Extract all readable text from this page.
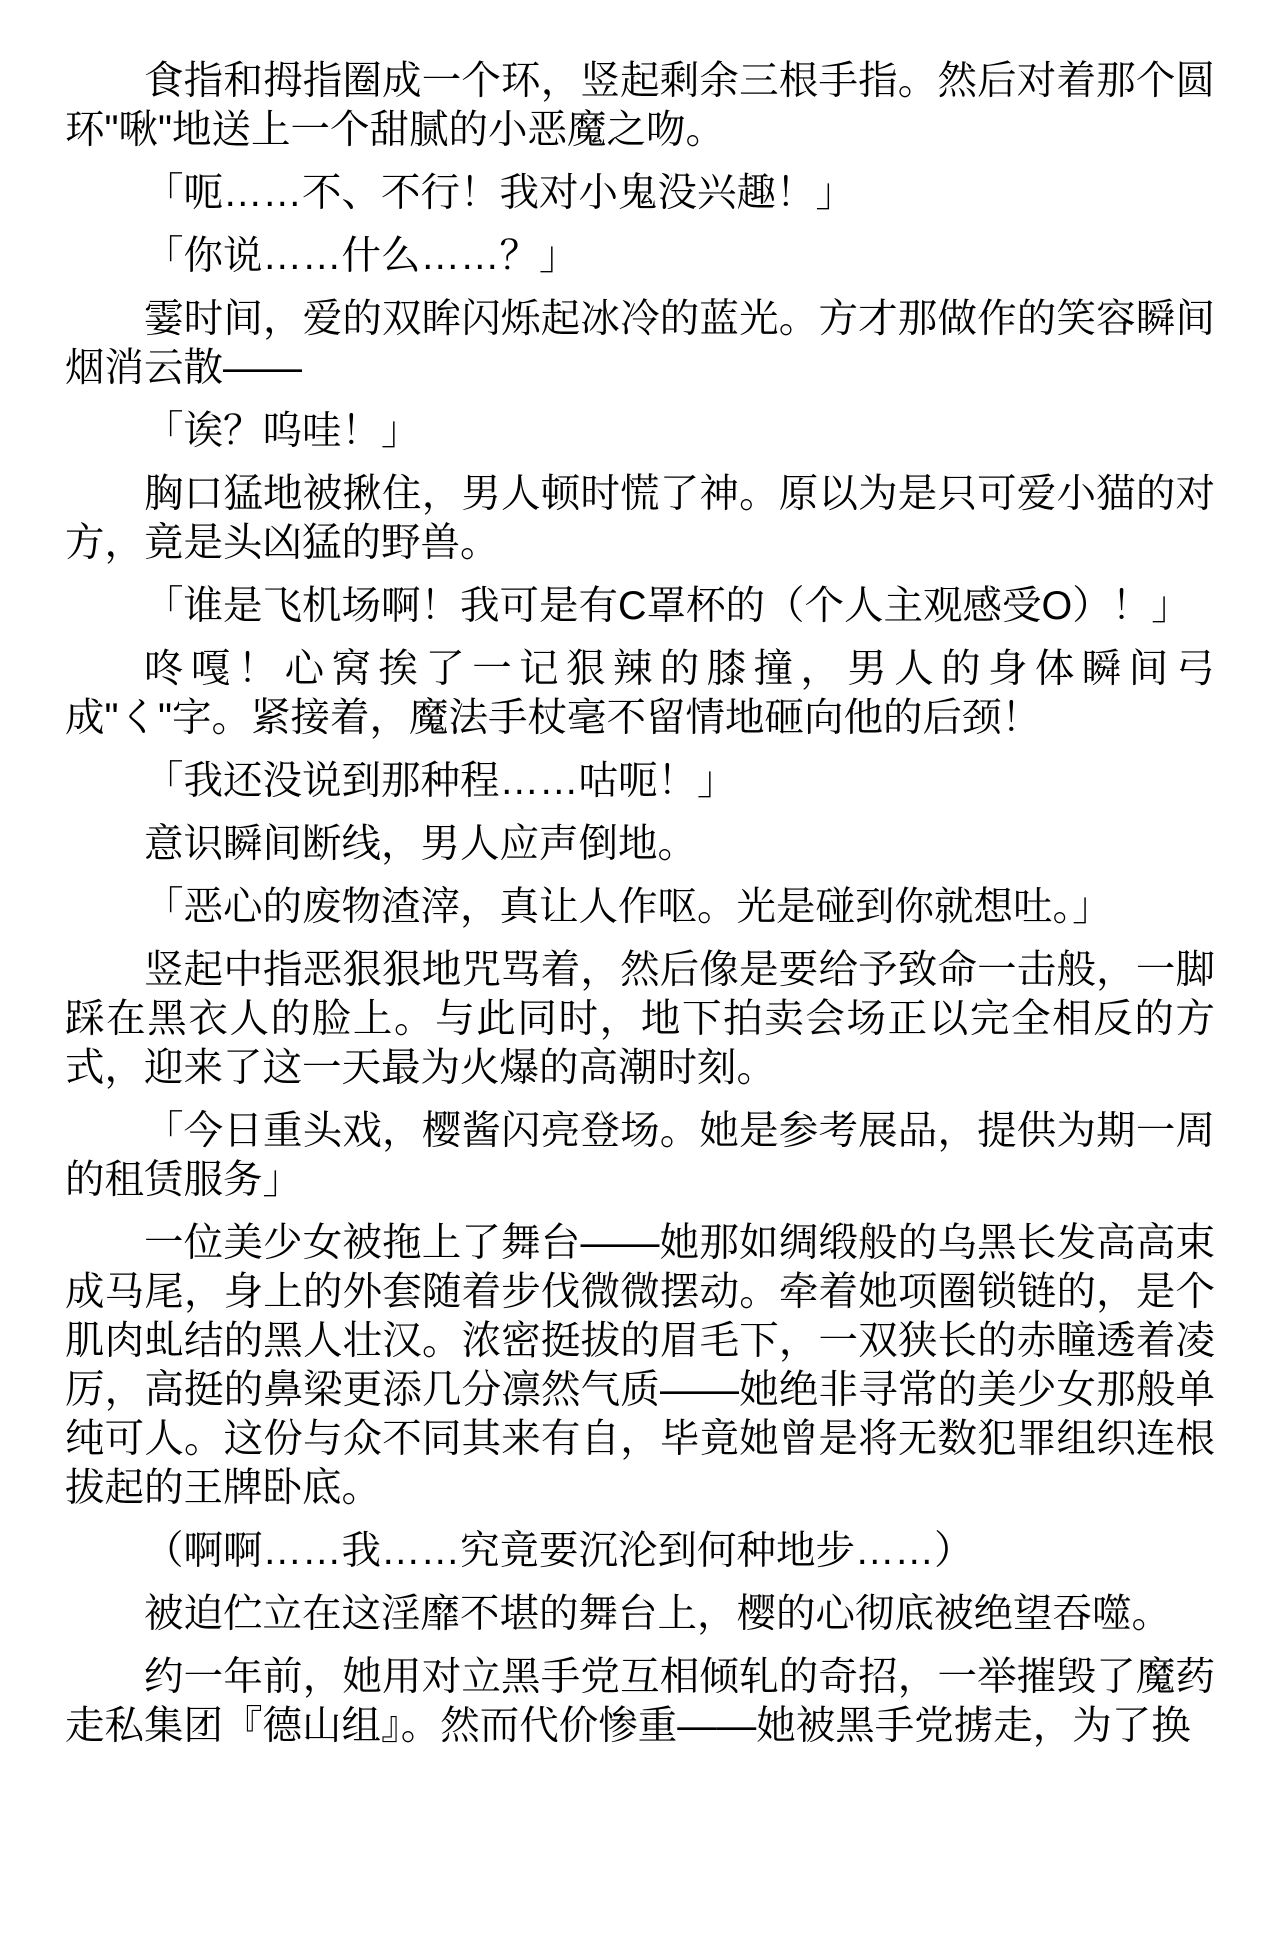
食指和拇指圈成一个环，竖起剩余三根手指。然后对着那个圆环"啾"地送上一个甜腻的小恶魔之吻。

「呃……不、不行！我对小鬼没兴趣！」

「你说……什么……？」

霎时间，爱的双眸闪烁起冰冷的蓝光。方才那做作的笑容瞬间烟消云散——

「诶？呜哇！」

胸口猛地被揪住，男人顿时慌了神。原以为是只可爱小猫的对方，竟是头凶猛的野兽。

「谁是飞机场啊！我可是有C罩杯的（个人主观感受O）！」

咚嘎！心窝挨了一记狠辣的膝撞，男人的身体瞬间弓成"く"字。紧接着，魔法手杖毫不留情地砸向他的后颈！

「我还没说到那种程……咕呃！」

意识瞬间断线，男人应声倒地。

「恶心的废物渣滓，真让人作呕。光是碰到你就想吐。」

竖起中指恶狠狠地咒骂着，然后像是要给予致命一击般，一脚踩在黑衣人的脸上。与此同时，地下拍卖会场正以完全相反的方式，迎来了这一天最为火爆的高潮时刻。

「今日重头戏，樱酱闪亮登场。她是参考展品，提供为期一周的租赁服务」

一位美少女被拖上了舞台——她那如绸缎般的乌黑长发高高束成马尾，身上的外套随着步伐微微摆动。牵着她项圈锁链的，是个肌肉虬结的黑人壮汉。浓密挺拔的眉毛下，一双狭长的赤瞳透着凌厉，高挺的鼻梁更添几分凛然气质——她绝非寻常的美少女那般单纯可人。这份与众不同其来有自，毕竟她曾是将无数犯罪组织连根拔起的王牌卧底。

（啊啊……我……究竟要沉沦到何种地步……）

被迫伫立在这淫靡不堪的舞台上，樱的心彻底被绝望吞噬。

约一年前，她用对立黑手党互相倾轧的奇招，一举摧毁了魔药走私集团『德山组』。然而代价惨重——她被黑手党掳走，为了换
